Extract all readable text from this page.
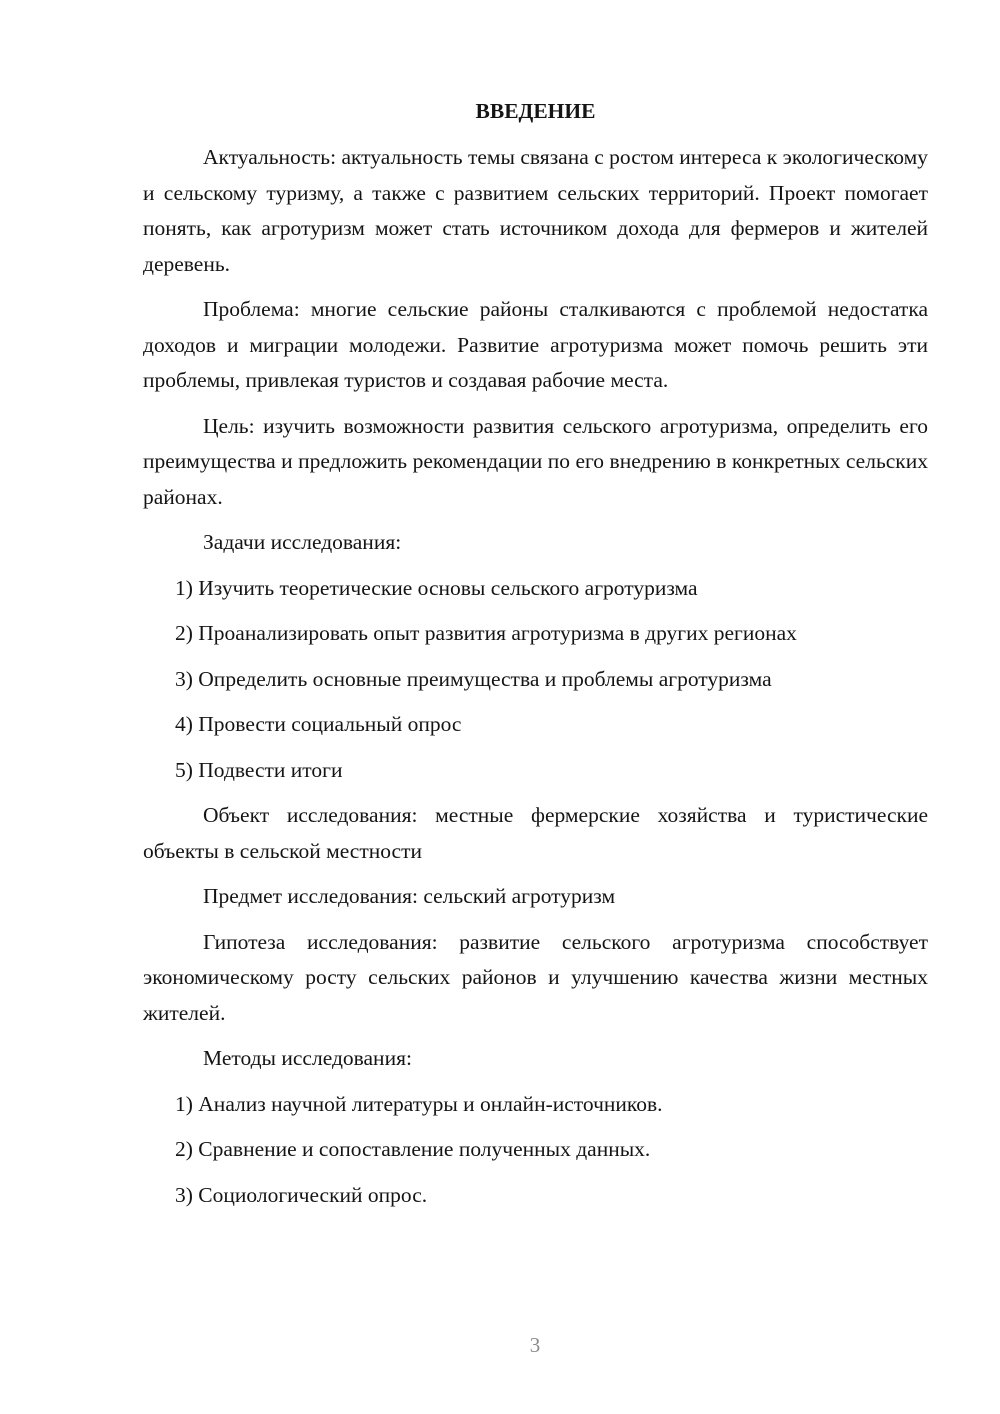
ВВЕДЕНИЕ

Актуальность: актуальность темы связана с ростом интереса к экологическому и сельскому туризму, а также с развитием сельских территорий. Проект помогает понять, как агротуризм может стать источником дохода для фермеров и жителей деревень.

Проблема: многие сельские районы сталкиваются с проблемой недостатка доходов и миграции молодежи. Развитие агротуризма может помочь решить эти проблемы, привлекая туристов и создавая рабочие места.

Цель: изучить возможности развития сельского агротуризма, определить его преимущества и предложить рекомендации по его внедрению в конкретных сельских районах.

Задачи исследования:

1) Изучить теоретические основы сельского агротуризма

2) Проанализировать опыт развития агротуризма в других регионах

3) Определить основные преимущества и проблемы агротуризма

4) Провести социальный опрос

5) Подвести итоги

Объект исследования: местные фермерские хозяйства и туристические объекты в сельской местности

Предмет исследования: сельский агротуризм

Гипотеза исследования: развитие сельского агротуризма способствует экономическому росту сельских районов и улучшению качества жизни местных жителей.

Методы исследования:

1) Анализ научной литературы и онлайн-источников.

2) Сравнение и сопоставление полученных данных.

3) Социологический опрос.

3
